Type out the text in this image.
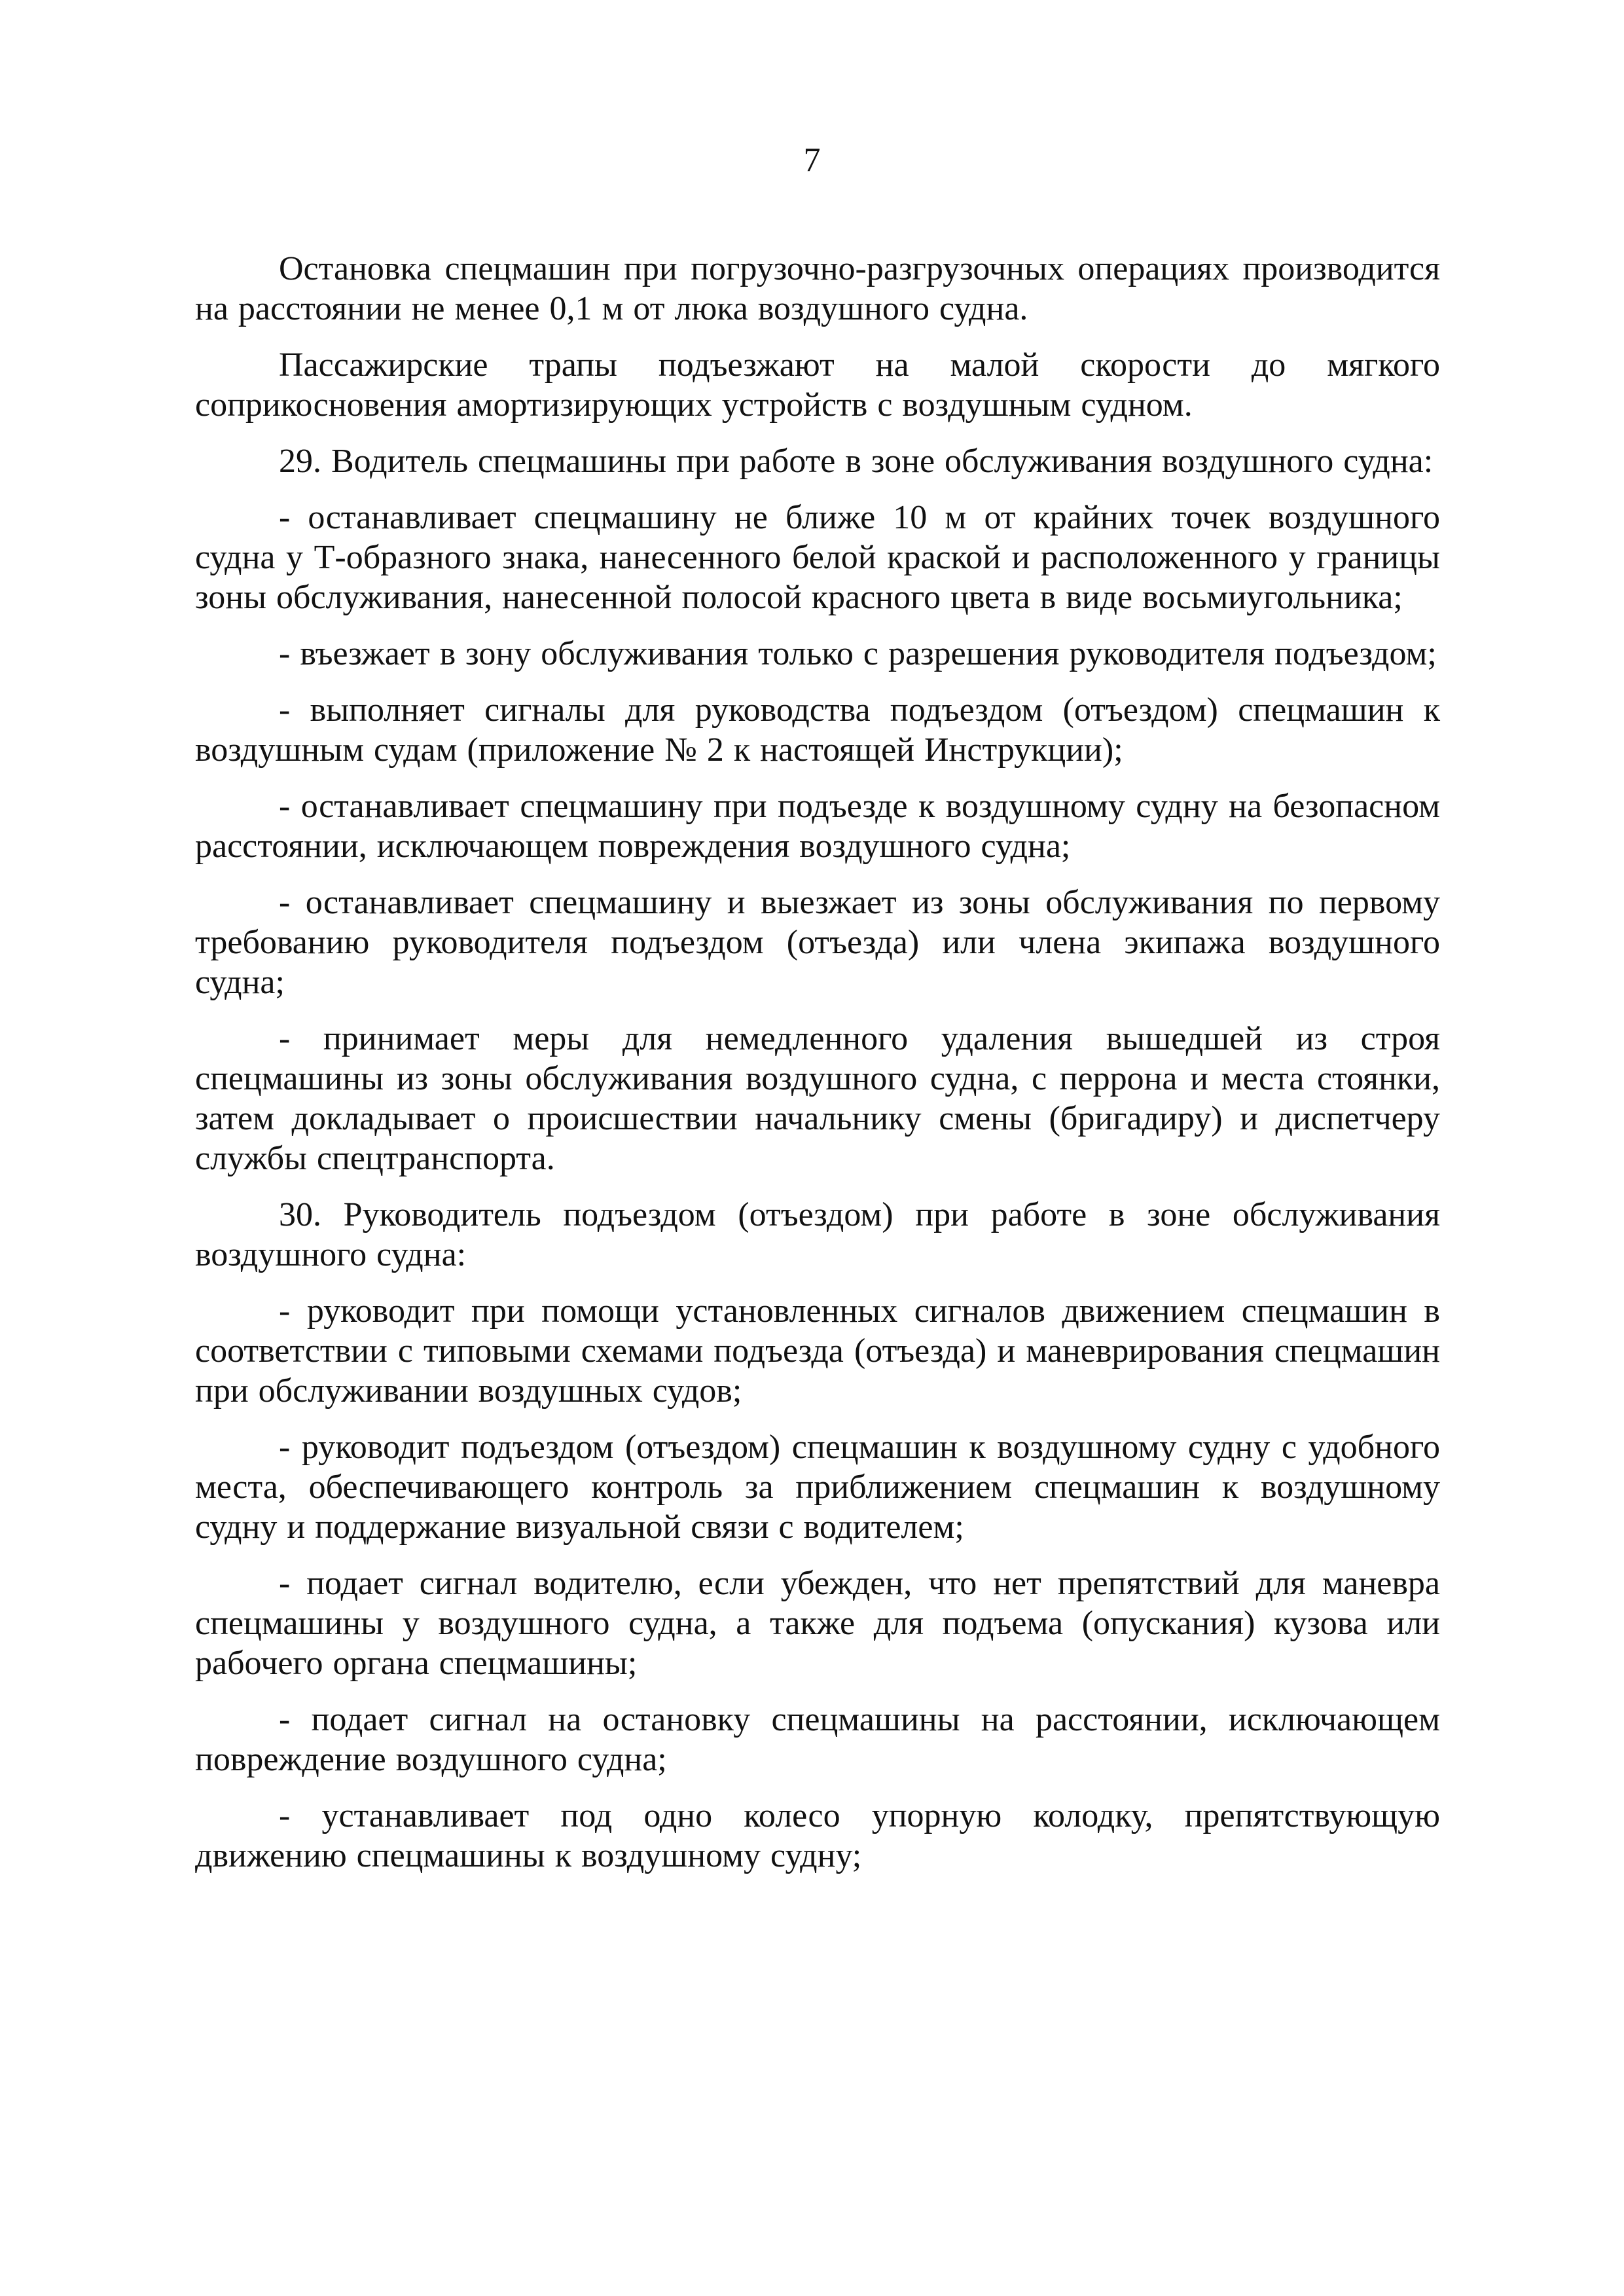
7

Остановка спецмашин при погрузочно-разгрузочных операциях производится на расстоянии не менее 0,1 м от люка воздушного судна.

Пассажирские трапы подъезжают на малой скорости до мягкого соприкосновения амортизирующих устройств с воздушным судном.

29. Водитель спецмашины при работе в зоне обслуживания воздушного судна:

- останавливает спецмашину не ближе 10 м от крайних точек воздушного судна у Т-образного знака, нанесенного белой краской и расположенного у границы зоны обслуживания, нанесенной полосой красного цвета в виде восьмиугольника;

- въезжает в зону обслуживания только с разрешения руководителя подъездом;

- выполняет сигналы для руководства подъездом (отъездом) спецмашин к воздушным судам (приложение № 2 к настоящей Инструкции);

- останавливает спецмашину при подъезде к воздушному судну на безопасном расстоянии, исключающем повреждения воздушного судна;

- останавливает спецмашину и выезжает из зоны обслуживания по первому требованию руководителя подъездом (отъезда) или члена экипажа воздушного судна;

- принимает меры для немедленного удаления вышедшей из строя спецмашины из зоны обслуживания воздушного судна, с перрона и места стоянки, затем докладывает о происшествии начальнику смены (бригадиру) и диспетчеру службы спецтранспорта.

30. Руководитель подъездом (отъездом) при работе в зоне обслуживания воздушного судна:

- руководит при помощи установленных сигналов движением спецмашин в соответствии с типовыми схемами подъезда (отъезда) и маневрирования спецмашин при обслуживании воздушных судов;

- руководит подъездом (отъездом) спецмашин к воздушному судну с удобного места, обеспечивающего контроль за приближением спецмашин к воздушному судну и поддержание визуальной связи с водителем;

- подает сигнал водителю, если убежден, что нет препятствий для маневра спецмашины у воздушного судна, а также для подъема (опускания) кузова или рабочего органа спецмашины;

- подает сигнал на остановку спецмашины на расстоянии, исключающем повреждение воздушного судна;

- устанавливает под одно колесо упорную колодку, препятствующую движению спецмашины к воздушному судну;
